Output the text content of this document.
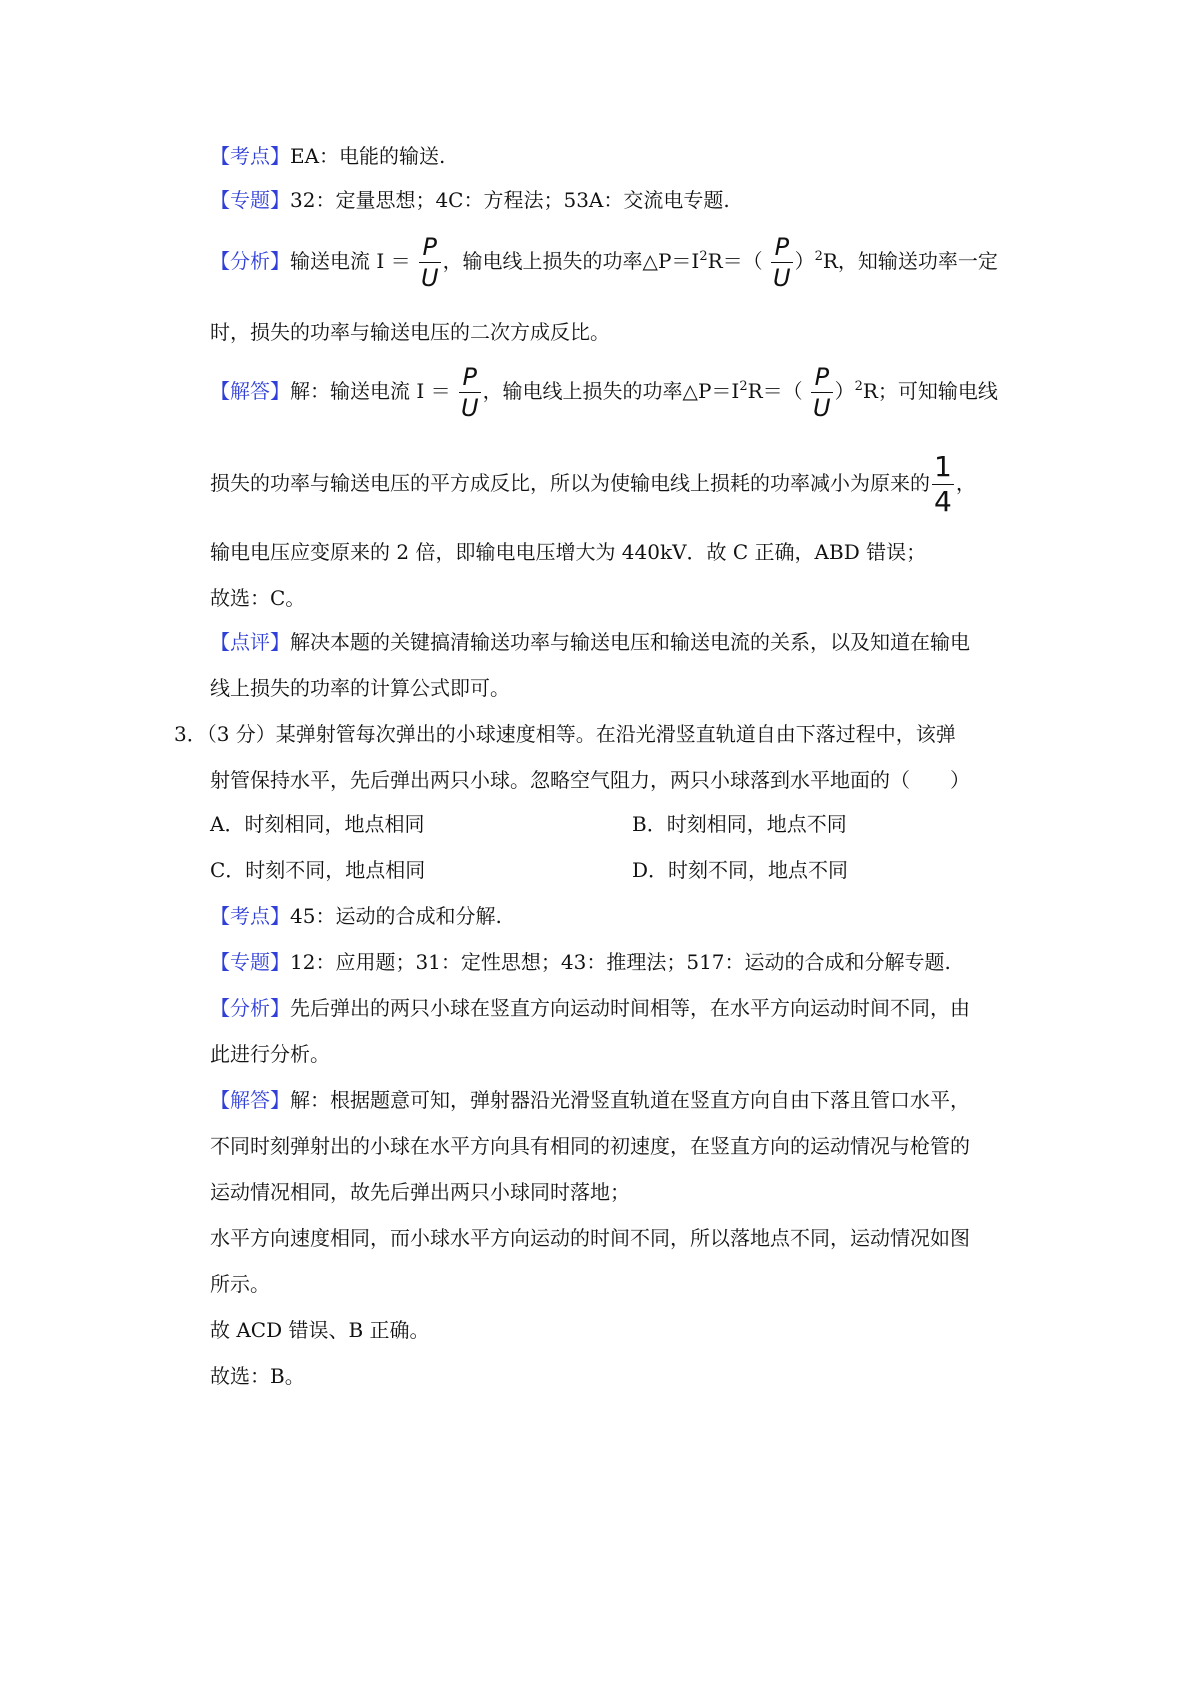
【考点】EA：电能的输送.
【专题】32：定量思想；4C：方程法；53A：交流电专题.
【分析】输送电流 $I = \frac{P}{U}$ ，输电线上损失的功率$\triangle P=I^2R=( \frac{P}{U} )^2R$，知输送功率一定
时，损失的功率与输送电压的二次方成反比。
【解答】解：输送电流 $I = \frac{P}{U}$ ，输电线上损失的功率$\triangle P=I^2R=( \frac{P}{U} )^2R$；可知输电线
损失的功率与输送电压的平方成反比，所以为使输电线上损耗的功率减小为原来的 $\frac{1}{4}$ ，
输电电压应变原来的 2 倍，即输电电压增大为 440kV．故 C 正确，ABD 错误；
故选：C。
【点评】解决本题的关键搞清输送功率与输送电压和输送电流的关系，以及知道在输电
线上损失的功率的计算公式即可。
3．（3 分）某弹射管每次弹出的小球速度相等。在沿光滑竖直轨道自由下落过程中，该弹
射管保持水平，先后弹出两只小球。忽略空气阻力，两只小球落到水平地面的（　　）
A．时刻相同，地点相同	B．时刻相同，地点不同
C．时刻不同，地点相同	D．时刻不同，地点不同
【考点】45：运动的合成和分解.
【专题】12：应用题；31：定性思想；43：推理法；517：运动的合成和分解专题.
【分析】先后弹出的两只小球在竖直方向运动时间相等，在水平方向运动时间不同，由
此进行分析。
【解答】解：根据题意可知，弹射器沿光滑竖直轨道在竖直方向自由下落且管口水平，
不同时刻弹射出的小球在水平方向具有相同的初速度，在竖直方向的运动情况与枪管的
运动情况相同，故先后弹出两只小球同时落地；
水平方向速度相同，而小球水平方向运动的时间不同，所以落地点不同，运动情况如图
所示。
故 ACD 错误、B 正确。
故选：B。
